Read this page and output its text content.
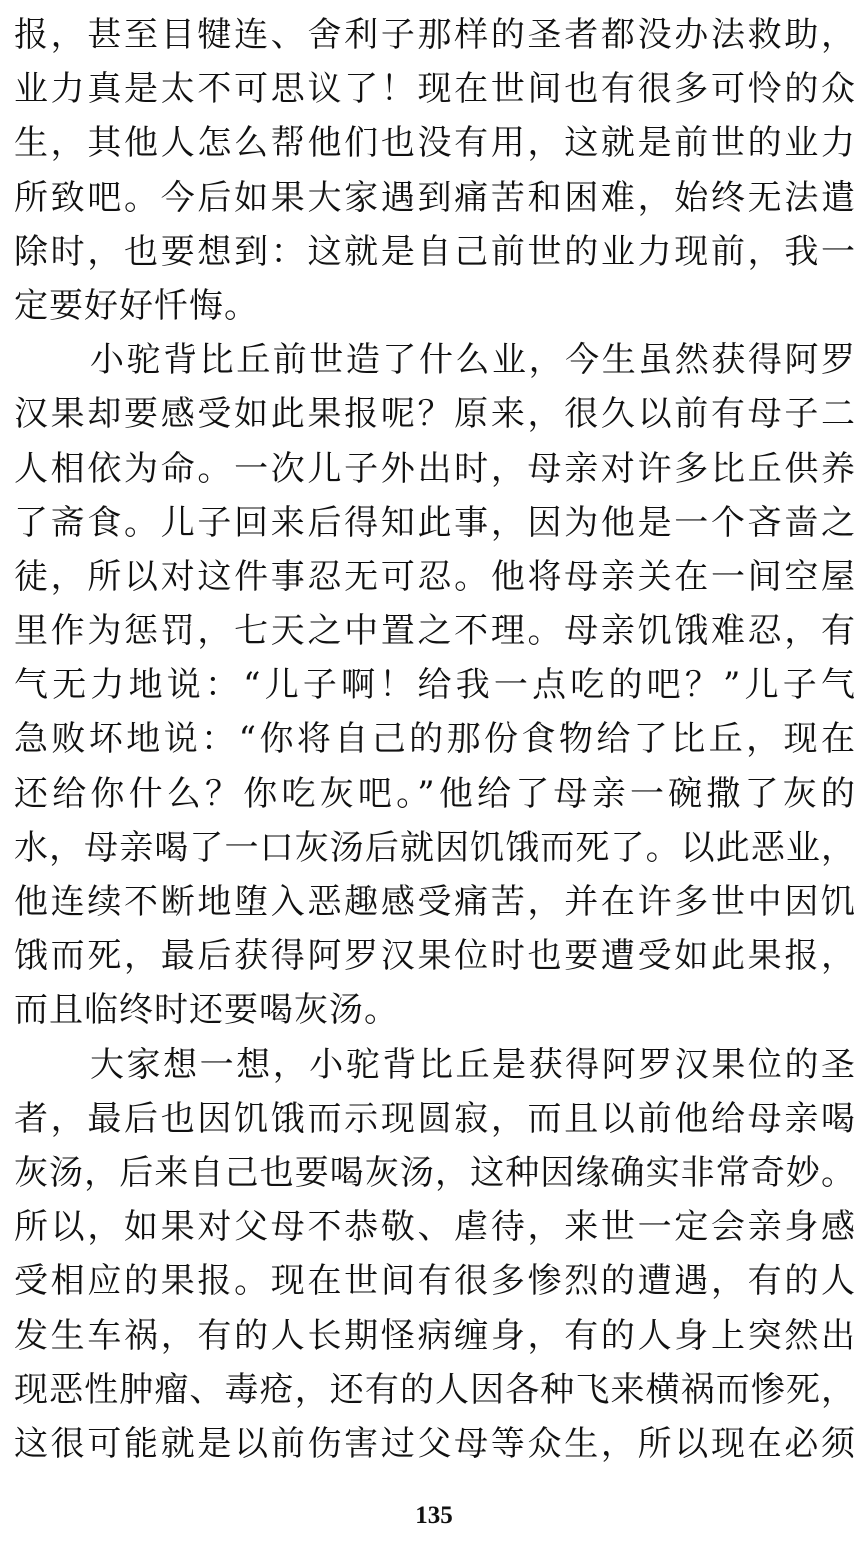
报，甚至目犍连、舍利子那样的圣者都没办法救助，
业力真是太不可思议了！现在世间也有很多可怜的众
生，其他人怎么帮他们也没有用，这就是前世的业力
所致吧。今后如果大家遇到痛苦和困难，始终无法遣
除时，也要想到：这就是自己前世的业力现前，我一
定要好好忏悔。
小驼背比丘前世造了什么业，今生虽然获得阿罗
汉果却要感受如此果报呢？原来，很久以前有母子二
人相依为命。一次儿子外出时，母亲对许多比丘供养
了斋食。儿子回来后得知此事，因为他是一个吝啬之
徒，所以对这件事忍无可忍。他将母亲关在一间空屋
里作为惩罚，七天之中置之不理。母亲饥饿难忍，有
气无力地说：“儿子啊！给我一点吃的吧？”儿子气
急败坏地说：“你将自己的那份食物给了比丘，现在
还给你什么？你吃灰吧。”他给了母亲一碗撒了灰的
水，母亲喝了一口灰汤后就因饥饿而死了。以此恶业，
他连续不断地堕入恶趣感受痛苦，并在许多世中因饥
饿而死，最后获得阿罗汉果位时也要遭受如此果报，
而且临终时还要喝灰汤。
大家想一想，小驼背比丘是获得阿罗汉果位的圣
者，最后也因饥饿而示现圆寂，而且以前他给母亲喝
灰汤，后来自己也要喝灰汤，这种因缘确实非常奇妙。
所以，如果对父母不恭敬、虐待，来世一定会亲身感
受相应的果报。现在世间有很多惨烈的遭遇，有的人
发生车祸，有的人长期怪病缠身，有的人身上突然出
现恶性肿瘤、毒疮，还有的人因各种飞来横祸而惨死，
这很可能就是以前伤害过父母等众生，所以现在必须
135
